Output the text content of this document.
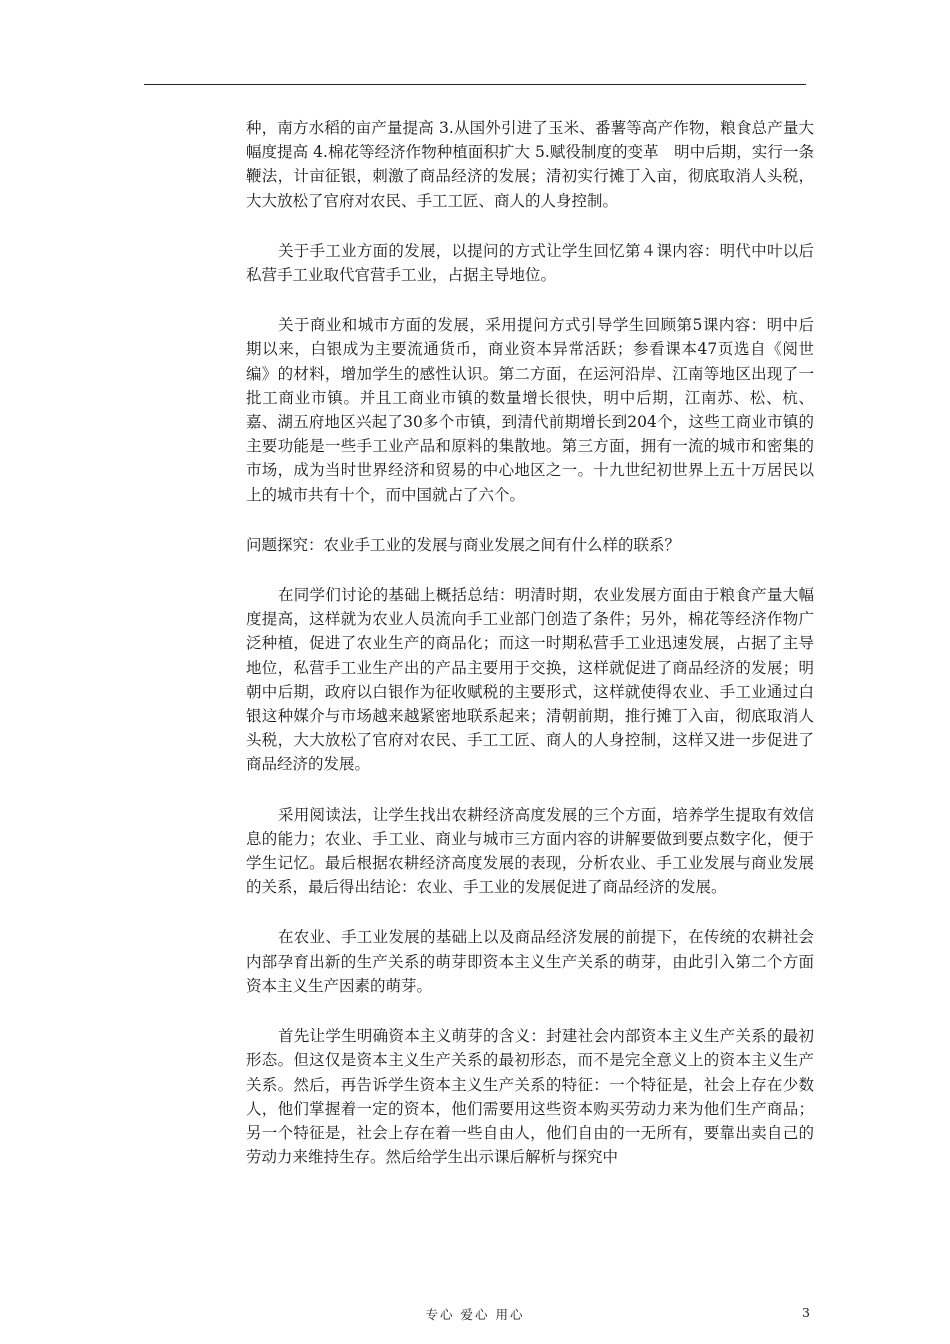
种，南方水稻的亩产量提高 3.从国外引进了玉米、番薯等高产作物，粮食总产量大幅度提高 4.棉花等经济作物种植面积扩大 5.赋役制度的变革　明中后期，实行一条鞭法，计亩征银，刺激了商品经济的发展；清初实行摊丁入亩，彻底取消人头税，大大放松了官府对农民、手工工匠、商人的人身控制。

关于手工业方面的发展，以提问的方式让学生回忆第４课内容：明代中叶以后私营手工业取代官营手工业，占据主导地位。

关于商业和城市方面的发展，采用提问方式引导学生回顾第5课内容：明中后期以来，白银成为主要流通货币，商业资本异常活跃；参看课本47页选自《阅世编》的材料，增加学生的感性认识。第二方面，在运河沿岸、江南等地区出现了一批工商业市镇。并且工商业市镇的数量增长很快，明中后期，江南苏、松、杭、嘉、湖五府地区兴起了30多个市镇，到清代前期增长到204个，这些工商业市镇的主要功能是一些手工业产品和原料的集散地。第三方面，拥有一流的城市和密集的市场，成为当时世界经济和贸易的中心地区之一。十九世纪初世界上五十万居民以上的城市共有十个，而中国就占了六个。

问题探究：农业手工业的发展与商业发展之间有什么样的联系？

在同学们讨论的基础上概括总结：明清时期，农业发展方面由于粮食产量大幅度提高，这样就为农业人员流向手工业部门创造了条件；另外，棉花等经济作物广泛种植，促进了农业生产的商品化；而这一时期私营手工业迅速发展，占据了主导地位，私营手工业生产出的产品主要用于交换，这样就促进了商品经济的发展；明朝中后期，政府以白银作为征收赋税的主要形式，这样就使得农业、手工业通过白银这种媒介与市场越来越紧密地联系起来；清朝前期，推行摊丁入亩，彻底取消人头税，大大放松了官府对农民、手工工匠、商人的人身控制，这样又进一步促进了商品经济的发展。

采用阅读法，让学生找出农耕经济高度发展的三个方面，培养学生提取有效信息的能力；农业、手工业、商业与城市三方面内容的讲解要做到要点数字化，便于学生记忆。最后根据农耕经济高度发展的表现，分析农业、手工业发展与商业发展的关系，最后得出结论：农业、手工业的发展促进了商品经济的发展。

在农业、手工业发展的基础上以及商品经济发展的前提下，在传统的农耕社会内部孕育出新的生产关系的萌芽即资本主义生产关系的萌芽，由此引入第二个方面资本主义生产因素的萌芽。

首先让学生明确资本主义萌芽的含义：封建社会内部资本主义生产关系的最初形态。但这仅是资本主义生产关系的最初形态，而不是完全意义上的资本主义生产关系。然后，再告诉学生资本主义生产关系的特征：一个特征是，社会上存在少数人，他们掌握着一定的资本，他们需要用这些资本购买劳动力来为他们生产商品；另一个特征是，社会上存在着一些自由人，他们自由的一无所有，要靠出卖自己的劳动力来维持生存。然后给学生出示课后解析与探究中

专心 爱心 用心	3
